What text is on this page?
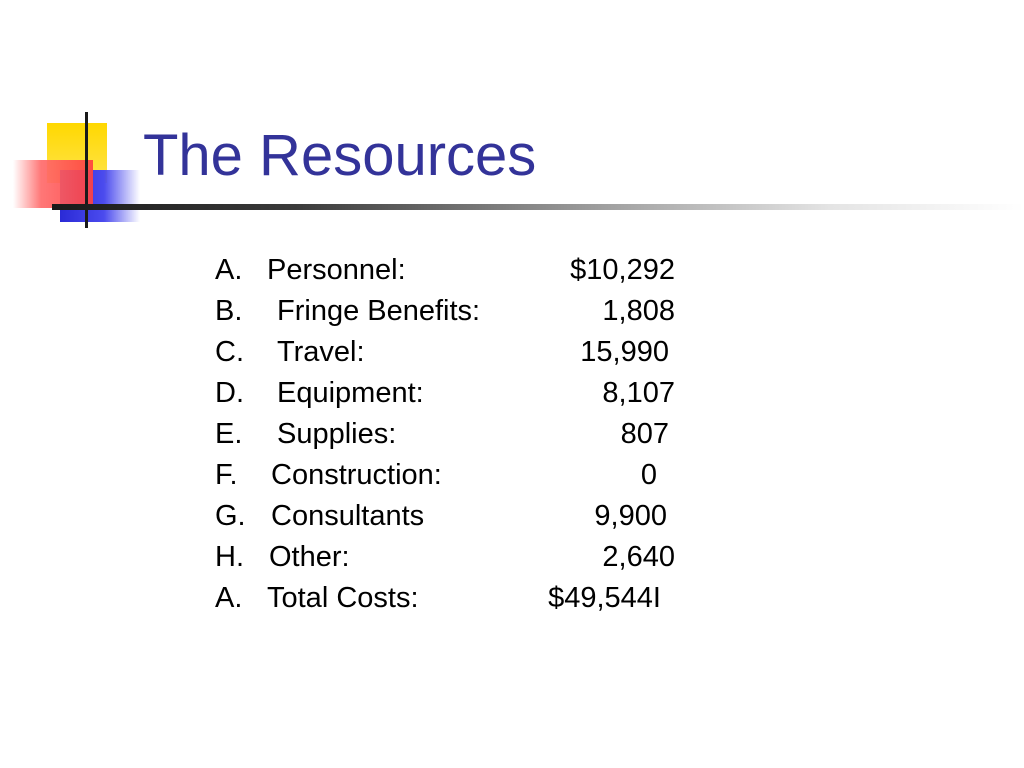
The Resources
A. Personnel:	$10,292
B. Fringe Benefits:	1,808
C. Travel:	15,990
D. Equipment:	8,107
E. Supplies:	807
F. Construction:	0
G. Consultants	9,900
H. Other:	2,640
A. Total Costs:	$49,544I
